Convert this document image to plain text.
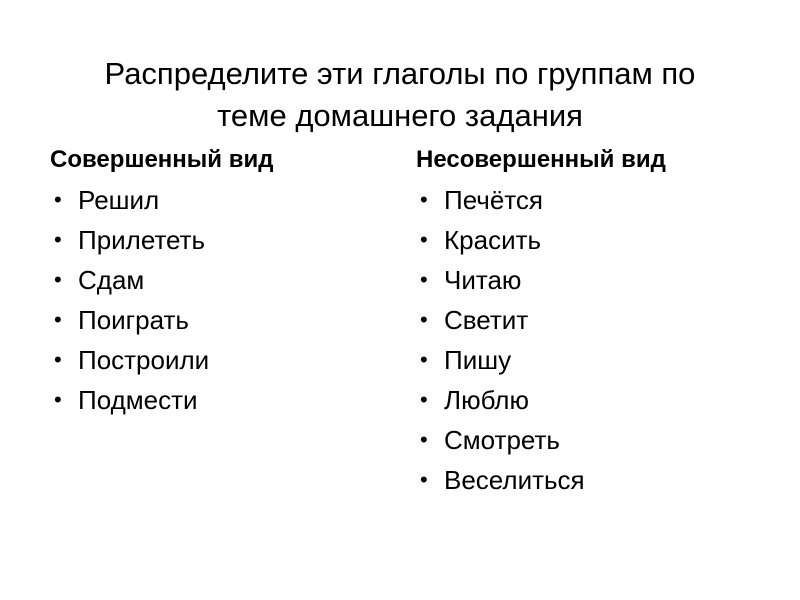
Распределите эти глаголы по группам по
теме домашнего задания
Совершенный вид
• Решил
• Прилететь
• Сдам
• Поиграть
• Построили
• Подмести
Несовершенный вид
• Печётся
• Красить
• Читаю
• Светит
• Пишу
• Люблю
• Смотреть
• Веселиться
